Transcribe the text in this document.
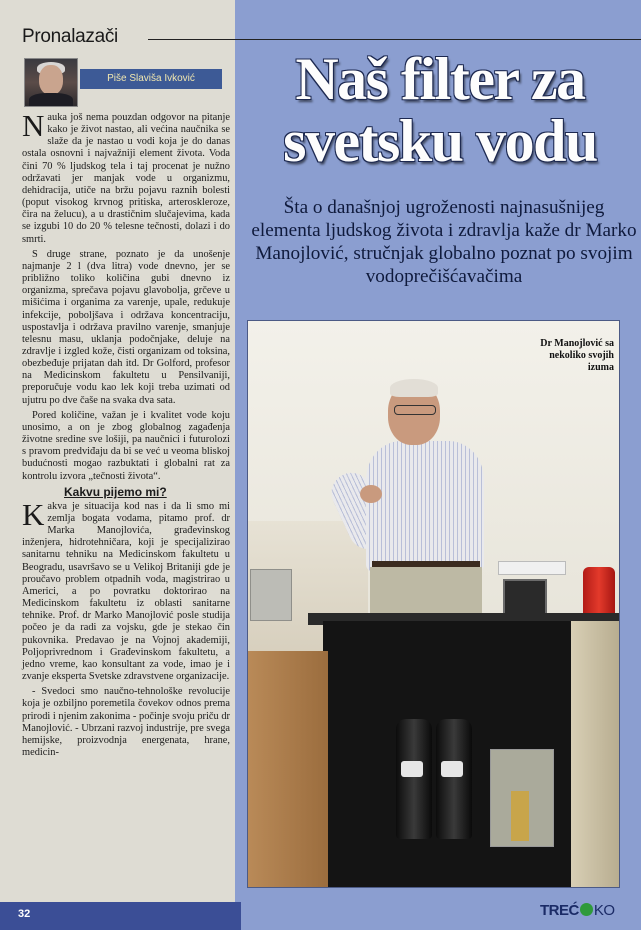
Pronalazači
Piše Slaviša Ivković	Naš filter za
svetsku vodu
Šta o današnjoj ugroženosti najnasušnijeg elementa ljudskog života i zdravlja kaže dr Marko Manojlović, stručnjak globalno poznat po svojim vodoprečišćavačima

Nauka još nema pouzdan odgovor na pitanje kako je život nastao, ali većina naučnika se slaže da je nastao u vodi koja je do danas ostala osnovni i najvažniji element života. Voda čini 70 % ljudskog tela i taj procenat je nužno održavati jer manjak vode u organizmu, dehidracija, utiče na bržu pojavu raznih bolesti (poput visokog krvnog pritiska, arteroskleroze, čira na želucu), a u drastičnim slučajevima, kada se izgubi 10 do 20 % telesne tečnosti, dolazi i do smrti.

S druge strane, poznato je da unošenje najmanje 2 l (dva litra) vode dnevno, jer se približno toliko količina gubi dnevno iz organizma, sprečava pojavu glavobolja, grčeve u mišićima i organima za varenje, upale, redukuje infekcije, poboljšava i održava koncentraciju, uspostavlja i održava pravilno varenje, smanjuje telesnu masu, uklanja podočnjake, deluje na zdravlje i izgled kože, čisti organizam od toksina, obezbeđuje prijatan dah itd. Dr Golford, profesor na Medicinskom fakultetu u Pensilvaniji, preporučuje vodu kao lek koji treba uzimati od ujutru po dve čaše na svaka dva sata.

Pored količine, važan je i kvalitet vode koju unosimo, a on je zbog globalnog zagađenja životne sredine sve lošiji, pa naučnici i futurolozi s pravom predviđaju da bi se već u veoma bliskoj budućnosti mogao razbuktati i globalni rat za kontrolu izvora „tečnosti života“.

Kakvu pijemo mi?

Kakva je situacija kod nas i da li smo mi zemlja bogata vodama, pitamo prof. dr Marka Manojlovića, građevinskog inženjera, hidrotehničara, koji je specijalizirao sanitarnu tehniku na Medicinskom fakultetu u Beogradu, usavršavo se u Velikoj Britaniji gde je proučavo problem otpadnih voda, magistrirao u Americi, a po povratku doktorirao na Medicinskom fakultetu iz oblasti sanitarne tehnike. Prof. dr Marko Manojlović posle studija počeo je da radi za vojsku, gde je stekao čin pukovnika. Predavao je na Vojnoj akademiji, Poljoprivrednom i Građevinskom fakultetu, a jedno vreme, kao konsultant za vode, imao je i zvanje eksperta Svetske zdravstvene organizacije.

- Svedoci smo naučno-tehnološke revolucije koja je ozbiljno poremetila čovekov odnos prema prirodi i njenim zakonima - počinje svoju priču dr Manojlović. - Ubrzani razvoj industrije, pre svega hemijske, proizvodnja energenata, hrane, medicin-

Dr Manojlović sa nekoliko svojih izuma
32	TREĆ KO
